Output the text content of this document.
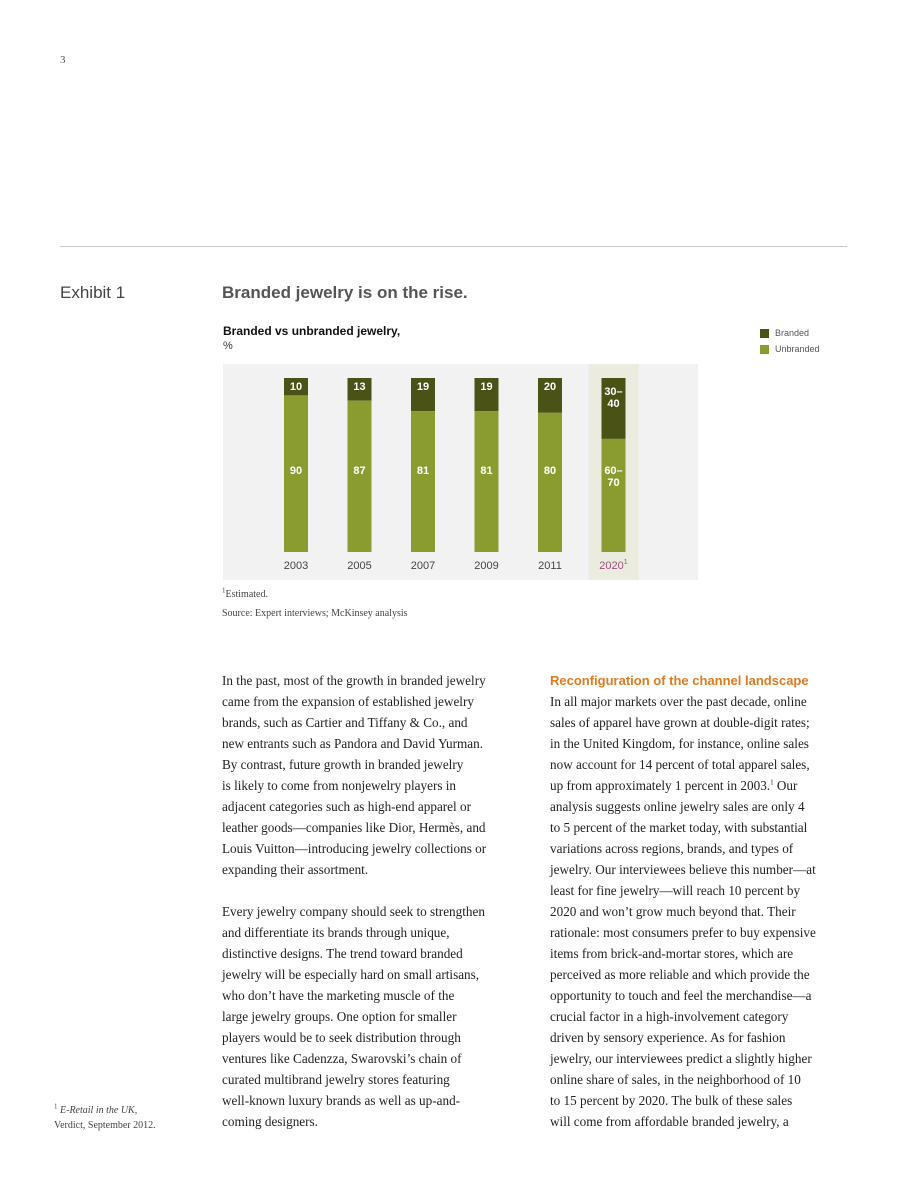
3
Exhibit 1	Branded jewelry is on the rise.
Branded vs unbranded jewelry,
%
Branded
Unbranded
10
90
2003
13
87
2005
19
81
2007
19
81
2009
20
80
2011
30–
40
60–
70
2020$^1$
$^1$Estimated.
Source: Expert interviews; McKinsey analysis

In the past, most of the growth in branded jewelry
came from the expansion of established jewelry
brands, such as Cartier and Tiffany & Co., and
new entrants such as Pandora and David Yurman.
By contrast, future growth in branded jewelry
is likely to come from nonjewelry players in
adjacent categories such as high-end apparel or
leather goods—companies like Dior, Hermès, and
Louis Vuitton—introducing jewelry collections or
expanding their assortment.

Every jewelry company should seek to strengthen
and differentiate its brands through unique,
distinctive designs. The trend toward branded
jewelry will be especially hard on small artisans,
who don’t have the marketing muscle of the
large jewelry groups. One option for smaller
players would be to seek distribution through
ventures like Cadenzza, Swarovski’s chain of
curated multibrand jewelry stores featuring
well-known luxury brands as well as up-and-
coming designers.

Reconfiguration of the channel landscape
In all major markets over the past decade, online
sales of apparel have grown at double-digit rates;
in the United Kingdom, for instance, online sales
now account for 14 percent of total apparel sales,
up from approximately 1 percent in 2003.$^1$ Our
analysis suggests online jewelry sales are only 4
to 5 percent of the market today, with substantial
variations across regions, brands, and types of
jewelry. Our interviewees believe this number—at
least for fine jewelry—will reach 10 percent by
2020 and won’t grow much beyond that. Their
rationale: most consumers prefer to buy expensive
items from brick-and-mortar stores, which are
perceived as more reliable and which provide the
opportunity to touch and feel the merchandise—a
crucial factor in a high-involvement category
driven by sensory experience. As for fashion
jewelry, our interviewees predict a slightly higher
online share of sales, in the neighborhood of 10
to 15 percent by 2020. The bulk of these sales
will come from affordable branded jewelry, a
$^1$ E-Retail in the UK,
Verdict, September 2012.
